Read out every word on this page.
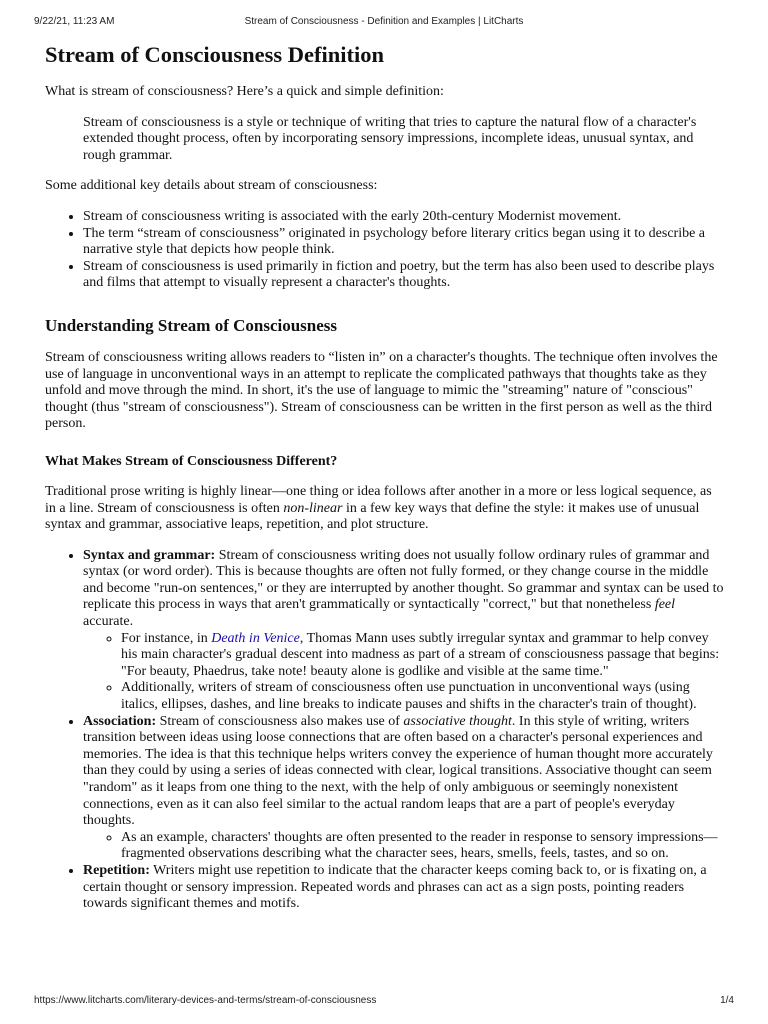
9/22/21, 11:23 AM	Stream of Consciousness - Definition and Examples | LitCharts
Stream of Consciousness Definition

What is stream of consciousness? Here’s a quick and simple definition:

Stream of consciousness is a style or technique of writing that tries to capture the natural flow of a character's extended thought process, often by incorporating sensory impressions, incomplete ideas, unusual syntax, and rough grammar.

Some additional key details about stream of consciousness:

• Stream of consciousness writing is associated with the early 20th-century Modernist movement.
• The term “stream of consciousness” originated in psychology before literary critics began using it to describe a narrative style that depicts how people think.
• Stream of consciousness is used primarily in fiction and poetry, but the term has also been used to describe plays and films that attempt to visually represent a character's thoughts.
Understanding Stream of Consciousness

Stream of consciousness writing allows readers to “listen in” on a character's thoughts. The technique often involves the use of language in unconventional ways in an attempt to replicate the complicated pathways that thoughts take as they unfold and move through the mind. In short, it's the use of language to mimic the "streaming" nature of "conscious" thought (thus "stream of consciousness"). Stream of consciousness can be written in the first person as well as the third person.

What Makes Stream of Consciousness Different?

Traditional prose writing is highly linear—one thing or idea follows after another in a more or less logical sequence, as in a line. Stream of consciousness is often non-linear in a few key ways that define the style: it makes use of unusual syntax and grammar, associative leaps, repetition, and plot structure.

• Syntax and grammar: Stream of consciousness writing does not usually follow ordinary rules of grammar and syntax (or word order). This is because thoughts are often not fully formed, or they change course in the middle and become "run-on sentences," or they are interrupted by another thought. So grammar and syntax can be used to replicate this process in ways that aren't grammatically or syntactically "correct," but that nonetheless feel accurate.
◦ For instance, in Death in Venice, Thomas Mann uses subtly irregular syntax and grammar to help convey his main character's gradual descent into madness as part of a stream of consciousness passage that begins: "For beauty, Phaedrus, take note! beauty alone is godlike and visible at the same time."
◦ Additionally, writers of stream of consciousness often use punctuation in unconventional ways (using italics, ellipses, dashes, and line breaks to indicate pauses and shifts in the character's train of thought).
• Association: Stream of consciousness also makes use of associative thought. In this style of writing, writers transition between ideas using loose connections that are often based on a character's personal experiences and memories. The idea is that this technique helps writers convey the experience of human thought more accurately than they could by using a series of ideas connected with clear, logical transitions. Associative thought can seem "random" as it leaps from one thing to the next, with the help of only ambiguous or seemingly nonexistent connections, even as it can also feel similar to the actual random leaps that are a part of people's everyday thoughts.
◦ As an example, characters' thoughts are often presented to the reader in response to sensory impressions—fragmented observations describing what the character sees, hears, smells, feels, tastes, and so on.
• Repetition: Writers might use repetition to indicate that the character keeps coming back to, or is fixating on, a certain thought or sensory impression. Repeated words and phrases can act as a sign posts, pointing readers towards significant themes and motifs.
https://www.litcharts.com/literary-devices-and-terms/stream-of-consciousness	1/4
